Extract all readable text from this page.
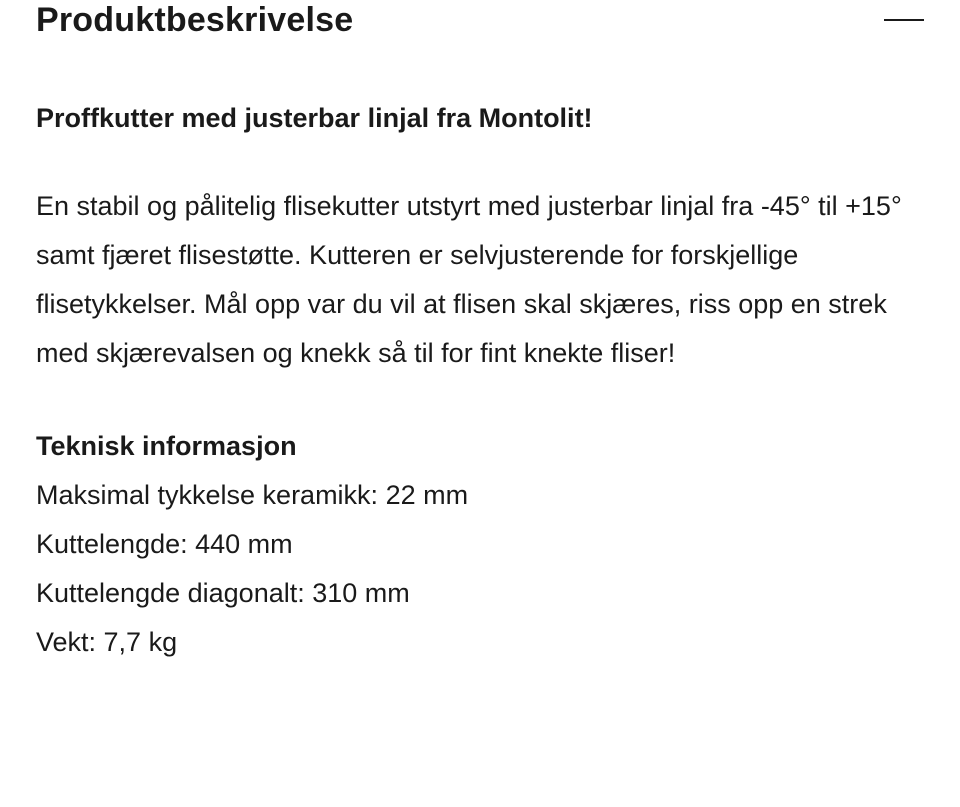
Produktbeskrivelse

Proffkutter med justerbar linjal fra Montolit!

En stabil og pålitelig flisekutter utstyrt med justerbar linjal fra -45° til +15° samt fjæret flisestøtte. Kutteren er selvjusterende for forskjellige flisetykkelser. Mål opp var du vil at flisen skal skjæres, riss opp en strek med skjærevalsen og knekk så til for fint knekte fliser!

Teknisk informasjon

Maksimal tykkelse keramikk: 22 mm
Kuttelengde: 440 mm
Kuttelengde diagonalt: 310 mm
Vekt: 7,7 kg
